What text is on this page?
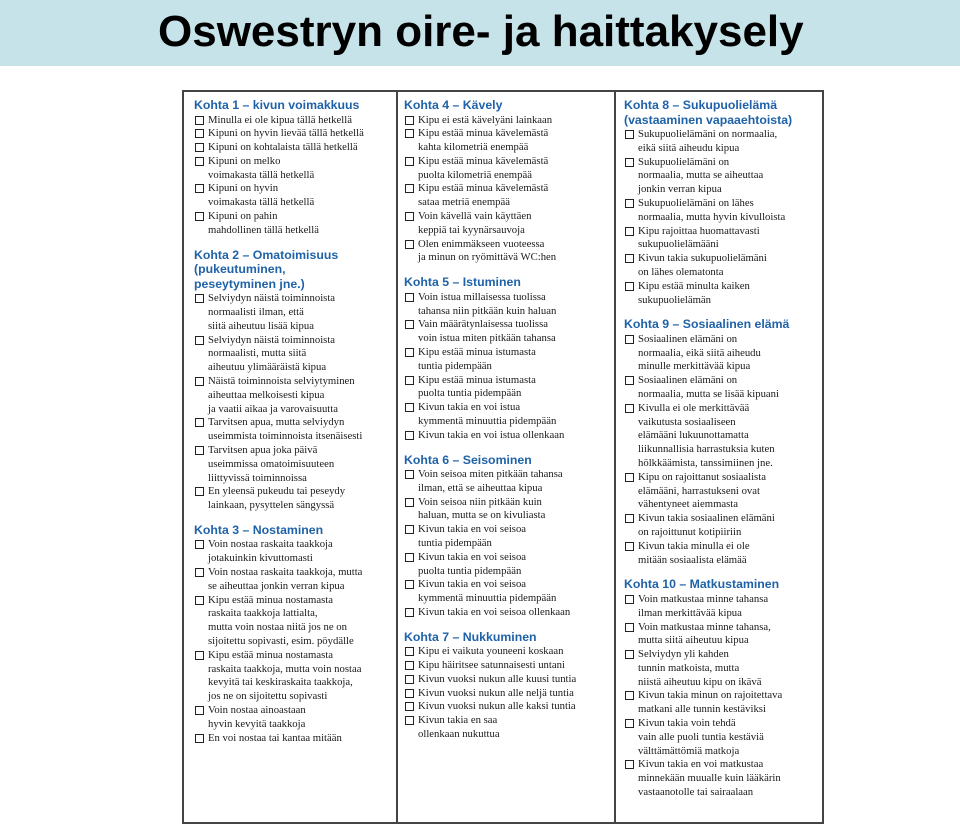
Oswestryn oire- ja haittakysely
Kohta 1 – kivun voimakkuus
Minulla ei ole kipua tällä hetkellä
Kipuni on hyvin lievää tällä hetkellä
Kipuni on kohtalaista tällä hetkellä
Kipuni on melko
voimakasta tällä hetkellä
Kipuni on hyvin
voimakasta tällä hetkellä
Kipuni on pahin
mahdollinen tällä hetkellä
Kohta 2 – Omatoimisuus
(pukeutuminen,
peseytyminen jne.)
Selviydyn näistä toiminnoista
normaalisti ilman, että
siitä aiheutuu lisää kipua
Selviydyn näistä toiminnoista
normaalisti, mutta siitä
aiheutuu ylimääräistä kipua
Näistä toiminnoista selviytyminen
aiheuttaa melkoisesti kipua
ja vaatii aikaa ja varovaisuutta
Tarvitsen apua, mutta selviydyn
useimmista toiminnoista itsenäisesti
Tarvitsen apua joka päivä
useimmissa omatoimisuuteen
liittyvissä toiminnoissa
En yleensä pukeudu tai peseydy
lainkaan, pysyttelen sängyssä
Kohta 3 – Nostaminen
Voin nostaa raskaita taakkoja
jotakuinkin kivuttomasti
Voin nostaa raskaita taakkoja, mutta
se aiheuttaa jonkin verran kipua
Kipu estää minua nostamasta
raskaita taakkoja lattialta,
mutta voin nostaa niitä jos ne on
sijoitettu sopivasti, esim. pöydälle
Kipu estää minua nostamasta
raskaita taakkoja, mutta voin nostaa
kevyitä tai keskiraskaita taakkoja,
jos ne on sijoitettu sopivasti
Voin nostaa ainoastaan
hyvin kevyitä taakkoja
En voi nostaa tai kantaa mitään
Kohta 4 – Kävely
Kipu ei estä kävelyäni lainkaan
Kipu estää minua kävelemästä
kahta kilometriä enempää
Kipu estää minua kävelemästä
puolta kilometriä enempää
Kipu estää minua kävelemästä
sataa metriä enempää
Voin kävellä vain käyttäen
keppiä tai kyynärsauvoja
Olen enimmäkseen vuoteessa
ja minun on ryömittävä WC:hen
Kohta 5 – Istuminen
Voin istua millaisessa tuolissa
tahansa niin pitkään kuin haluan
Vain määrätynlaisessa tuolissa
voin istua miten pitkään tahansa
Kipu estää minua istumasta
tuntia pidempään
Kipu estää minua istumasta
puolta tuntia pidempään
Kivun takia en voi istua
kymmentä minuuttia pidempään
Kivun takia en voi istua ollenkaan
Kohta 6 – Seisominen
Voin seisoa miten pitkään tahansa
ilman, että se aiheuttaa kipua
Voin seisoa niin pitkään kuin
haluan, mutta se on kivuliasta
Kivun takia en voi seisoa
tuntia pidempään
Kivun takia en voi seisoa
puolta tuntia pidempään
Kivun takia en voi seisoa
kymmentä minuuttia pidempään
Kivun takia en voi seisoa ollenkaan
Kohta 7 – Nukkuminen
Kipu ei vaikuta youneeni koskaan
Kipu häiritsee satunnaisesti untani
Kivun vuoksi nukun alle kuusi tuntia
Kivun vuoksi nukun alle neljä tuntia
Kivun vuoksi nukun alle kaksi tuntia
Kivun takia en saa
ollenkaan nukuttua
Kohta 8 – Sukupuolielämä
(vastaaminen vapaaehtoista)
Sukupuolielämäni on normaalia,
eikä siitä aiheudu kipua
Sukupuolielämäni on
normaalia, mutta se aiheuttaa
jonkin verran kipua
Sukupuolielämäni on lähes
normaalia, mutta hyvin kivulloista
Kipu rajoittaa huomattavasti
sukupuolielämääni
Kivun takia sukupuolielämäni
on lähes olematonta
Kipu estää minulta kaiken
sukupuolielämän
Kohta 9 – Sosiaalinen elämä
Sosiaalinen elämäni on
normaalia, eikä siitä aiheudu
minulle merkittävää kipua
Sosiaalinen elämäni on
normaalia, mutta se lisää kipuani
Kivulla ei ole merkittävää
vaikutusta sosiaaliseen
elämääni lukuunottamatta
liikunnallisia harrastuksia kuten
hölkkäämista, tanssimiinen jne.
Kipu on rajoittanut sosiaalista
elämääni, harrastukseni ovat
vähentyneet aiemmasta
Kivun takia sosiaalinen elämäni
on rajoittunut kotipiiriin
Kivun takia minulla ei ole
mitään sosiaalista elämää
Kohta 10 – Matkustaminen
Voin matkustaa minne tahansa
ilman merkittävää kipua
Voin matkustaa minne tahansa,
mutta siitä aiheutuu kipua
Selviydyn yli kahden
tunnin matkoista, mutta
niistä aiheutuu kipu on ikävä
Kivun takia minun on rajoitettava
matkani alle tunnin kestäviksi
Kivun takia voin tehdä
vain alle puoli tuntia kestäviä
välttämättömiä matkoja
Kivun takia en voi matkustaa
minnekään muualle kuin lääkärin
vastaanotolle tai sairaalaan
